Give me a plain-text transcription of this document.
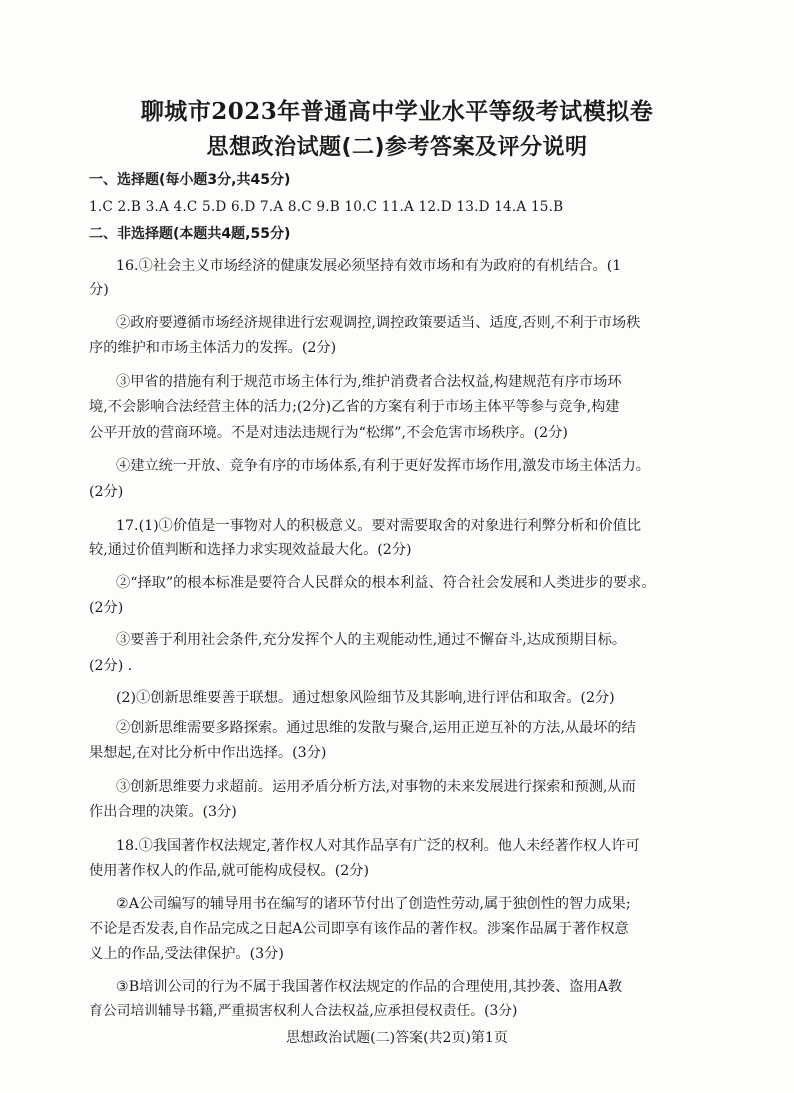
聊城市2023年普通高中学业水平等级考试模拟卷
思想政治试题(二)参考答案及评分说明
一、选择题(每小题3分,共45分)
1.C 2.B 3.A 4.C 5.D 6.D 7.A 8.C 9.B 10.C 11.A 12.D 13.D 14.A 15.B
二、非选择题(本题共4题,55分)
16.①社会主义市场经济的健康发展必须坚持有效市场和有为政府的有机结合。(1
分)
②政府要遵循市场经济规律进行宏观调控,调控政策要适当、适度,否则,不利于市场秩
序的维护和市场主体活力的发挥。(2分)
③甲省的措施有利于规范市场主体行为,维护消费者合法权益,构建规范有序市场环
境,不会影响合法经营主体的活力;(2分)乙省的方案有利于市场主体平等参与竞争,构建
公平开放的营商环境。不是对违法违规行为“松绑”,不会危害市场秩序。(2分)
④建立统一开放、竞争有序的市场体系,有利于更好发挥市场作用,激发市场主体活力。
(2分)
17.(1)①价值是一事物对人的积极意义。要对需要取舍的对象进行利弊分析和价值比
较,通过价值判断和选择力求实现效益最大化。(2分)
②“择取”的根本标准是要符合人民群众的根本利益、符合社会发展和人类进步的要求。
(2分)
③要善于利用社会条件,充分发挥个人的主观能动性,通过不懈奋斗,达成预期目标。
(2分) .
(2)①创新思维要善于联想。通过想象风险细节及其影响,进行评估和取舍。(2分)
②创新思维需要多路探索。通过思维的发散与聚合,运用正逆互补的方法,从最坏的结
果想起,在对比分析中作出选择。(3分)
③创新思维要力求超前。运用矛盾分析方法,对事物的未来发展进行探索和预测,从而
作出合理的决策。(3分)
18.①我国著作权法规定,著作权人对其作品享有广泛的权利。他人未经著作权人许可
使用著作权人的作品,就可能构成侵权。(2分)
②A公司编写的辅导用书在编写的诸环节付出了创造性劳动,属于独创性的智力成果;
不论是否发表,自作品完成之日起A公司即享有该作品的著作权。涉案作品属于著作权意
义上的作品,受法律保护。(3分)
③B培训公司的行为不属于我国著作权法规定的作品的合理使用,其抄袭、盗用A教
育公司培训辅导书籍,严重损害权利人合法权益,应承担侵权责任。(3分)
思想政治试题(二)答案(共2页)第1页
